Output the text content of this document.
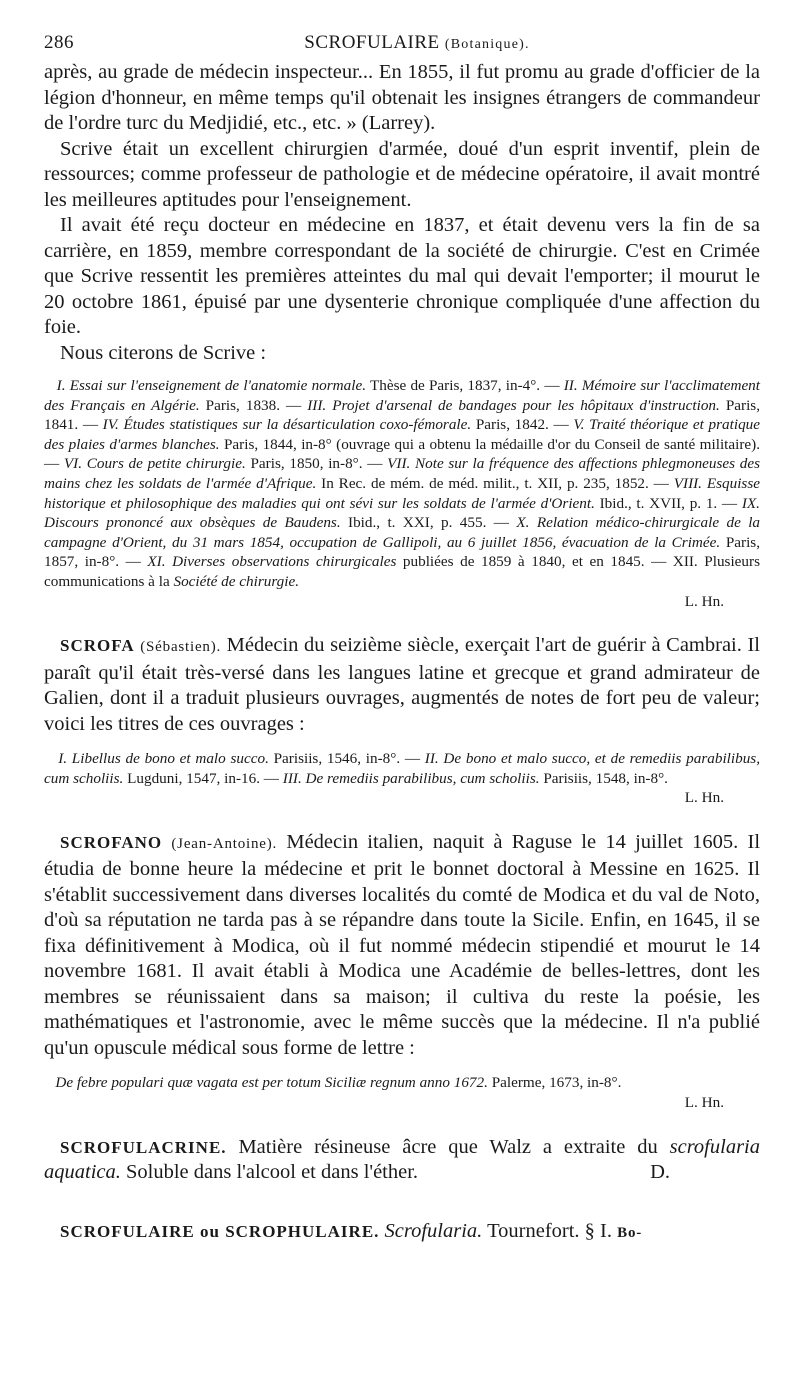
286	SCROFULAIRE (Botanique).

après, au grade de médecin inspecteur... En 1855, il fut promu au grade d'officier de la légion d'honneur, en même temps qu'il obtenait les insignes étrangers de commandeur de l'ordre turc du Medjidié, etc., etc. » (Larrey).

Scrive était un excellent chirurgien d'armée, doué d'un esprit inventif, plein de ressources; comme professeur de pathologie et de médecine opératoire, il avait montré les meilleures aptitudes pour l'enseignement.

Il avait été reçu docteur en médecine en 1837, et était devenu vers la fin de sa carrière, en 1859, membre correspondant de la société de chirurgie. C'est en Crimée que Scrive ressentit les premières atteintes du mal qui devait l'emporter; il mourut le 20 octobre 1861, épuisé par une dysenterie chronique compliquée d'une affection du foie.

Nous citerons de Scrive :

I. Essai sur l'enseignement de l'anatomie normale. Thèse de Paris, 1837, in-4°. — II. Mémoire sur l'acclimatement des Français en Algérie. Paris, 1838. — III. Projet d'arsenal de bandages pour les hôpitaux d'instruction. Paris, 1841. — IV. Études statistiques sur la désarticulation coxo-fémorale. Paris, 1842. — V. Traité théorique et pratique des plaies d'armes blanches. Paris, 1844, in-8° (ouvrage qui a obtenu la médaille d'or du Conseil de santé militaire). — VI. Cours de petite chirurgie. Paris, 1850, in-8°. — VII. Note sur la fréquence des affections phlegmoneuses des mains chez les soldats de l'armée d'Afrique. In Rec. de mém. de méd. milit., t. XII, p. 235, 1852. — VIII. Esquisse historique et philosophique des maladies qui ont sévi sur les soldats de l'armée d'Orient. Ibid., t. XVII, p. 1. — IX. Discours prononcé aux obsèques de Baudens. Ibid., t. XXI, p. 455. — X. Relation médico-chirurgicale de la campagne d'Orient, du 31 mars 1854, occupation de Gallipoli, au 6 juillet 1856, évacuation de la Crimée. Paris, 1857, in-8°. — XI. Diverses observations chirurgicales publiées de 1859 à 1840, et en 1845. — XII. Plusieurs communications à la Société de chirurgie.
L. Hn.

SCROFA (Sébastien). Médecin du seizième siècle, exerçait l'art de guérir à Cambrai. Il paraît qu'il était très-versé dans les langues latine et grecque et grand admirateur de Galien, dont il a traduit plusieurs ouvrages, augmentés de notes de fort peu de valeur; voici les titres de ces ouvrages :

I. Libellus de bono et malo succo. Parisiis, 1546, in-8°. — II. De bono et malo succo, et de remediis parabilibus, cum scholiis. Lugduni, 1547, in-16. — III. De remediis parabilibus, cum scholiis. Parisiis, 1548, in-8°.
L. Hn.

SCROFANO (Jean-Antoine). Médecin italien, naquit à Raguse le 14 juillet 1605. Il étudia de bonne heure la médecine et prit le bonnet doctoral à Messine en 1625. Il s'établit successivement dans diverses localités du comté de Modica et du val de Noto, d'où sa réputation ne tarda pas à se répandre dans toute la Sicile. Enfin, en 1645, il se fixa définitivement à Modica, où il fut nommé médecin stipendié et mourut le 14 novembre 1681. Il avait établi à Modica une Académie de belles-lettres, dont les membres se réunissaient dans sa maison; il cultiva du reste la poésie, les mathématiques et l'astronomie, avec le même succès que la médecine. Il n'a publié qu'un opuscule médical sous forme de lettre :

De febre populari quæ vagata est per totum Siciliæ regnum anno 1672. Palerme, 1673, in-8°.
L. Hn.

SCROFULACRINE. Matière résineuse âcre que Walz a extraite du scrofularia aquatica. Soluble dans l'alcool et dans l'éther.	D.

SCROFULAIRE ou SCROPHULAIRE. Scrofularia. Tournefort. § I. Bo-
